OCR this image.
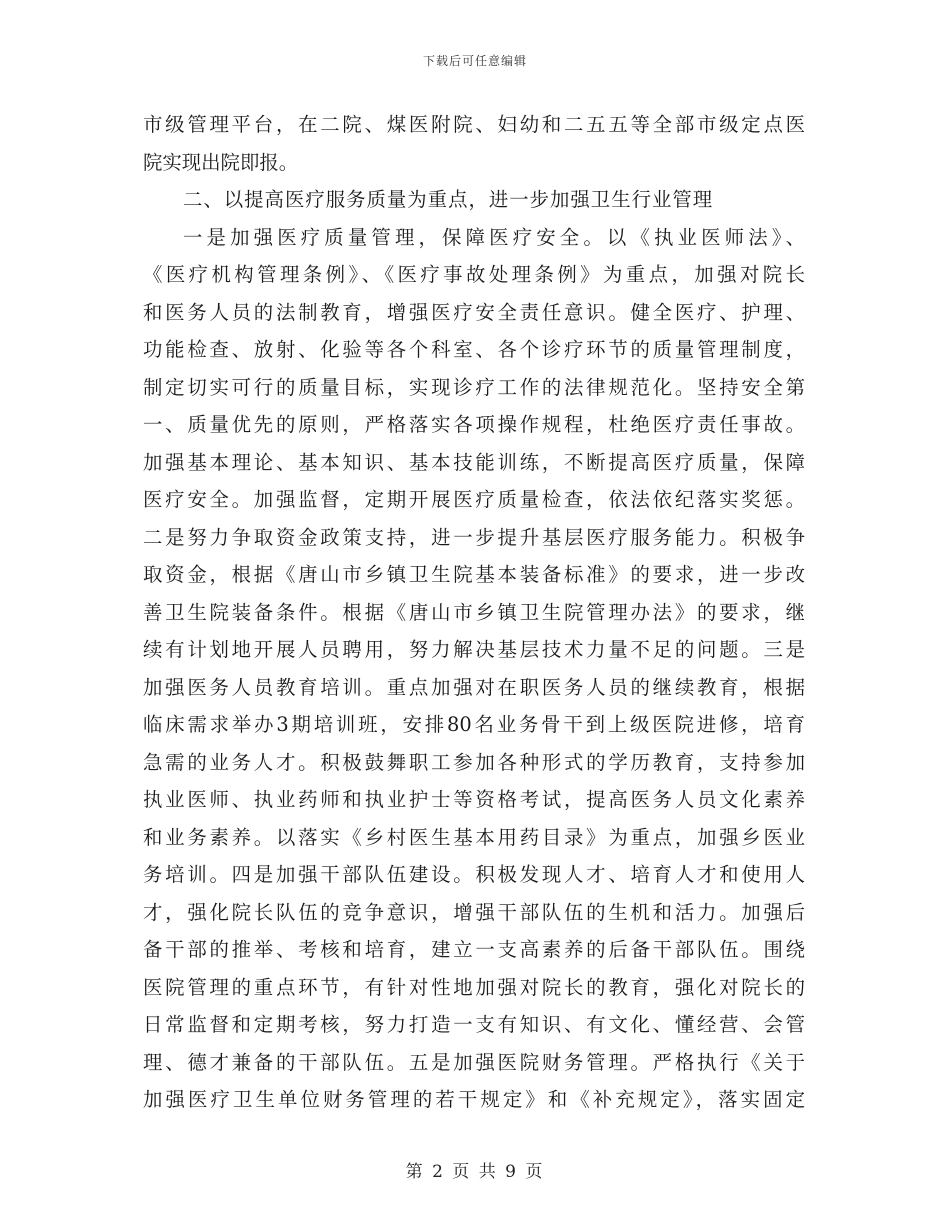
下载后可任意编辑
市级管理平台，在二院、煤医附院、妇幼和二五五等全部市级定点医
院实现出院即报。
二、以提高医疗服务质量为重点，进一步加强卫生行业管理
一是加强医疗质量管理，保障医疗安全。以《执业医师法》、
《医疗机构管理条例》、《医疗事故处理条例》为重点，加强对院长
和医务人员的法制教育，增强医疗安全责任意识。健全医疗、护理、
功能检查、放射、化验等各个科室、各个诊疗环节的质量管理制度，
制定切实可行的质量目标，实现诊疗工作的法律规范化。坚持安全第
一、质量优先的原则，严格落实各项操作规程，杜绝医疗责任事故。
加强基本理论、基本知识、基本技能训练，不断提高医疗质量，保障
医疗安全。加强监督，定期开展医疗质量检查，依法依纪落实奖惩。
二是努力争取资金政策支持，进一步提升基层医疗服务能力。积极争
取资金，根据《唐山市乡镇卫生院基本装备标准》的要求，进一步改
善卫生院装备条件。根据《唐山市乡镇卫生院管理办法》的要求，继
续有计划地开展人员聘用，努力解决基层技术力量不足的问题。三是
加强医务人员教育培训。重点加强对在职医务人员的继续教育，根据
临床需求举办3期培训班，安排80名业务骨干到上级医院进修，培育
急需的业务人才。积极鼓舞职工参加各种形式的学历教育，支持参加
执业医师、执业药师和执业护士等资格考试，提高医务人员文化素养
和业务素养。以落实《乡村医生基本用药目录》为重点，加强乡医业
务培训。四是加强干部队伍建设。积极发现人才、培育人才和使用人
才，强化院长队伍的竞争意识，增强干部队伍的生机和活力。加强后
备干部的推举、考核和培育，建立一支高素养的后备干部队伍。围绕
医院管理的重点环节，有针对性地加强对院长的教育，强化对院长的
日常监督和定期考核，努力打造一支有知识、有文化、懂经营、会管
理、德才兼备的干部队伍。五是加强医院财务管理。严格执行《关于
加强医疗卫生单位财务管理的若干规定》和《补充规定》，落实固定
第 2 页 共 9 页
